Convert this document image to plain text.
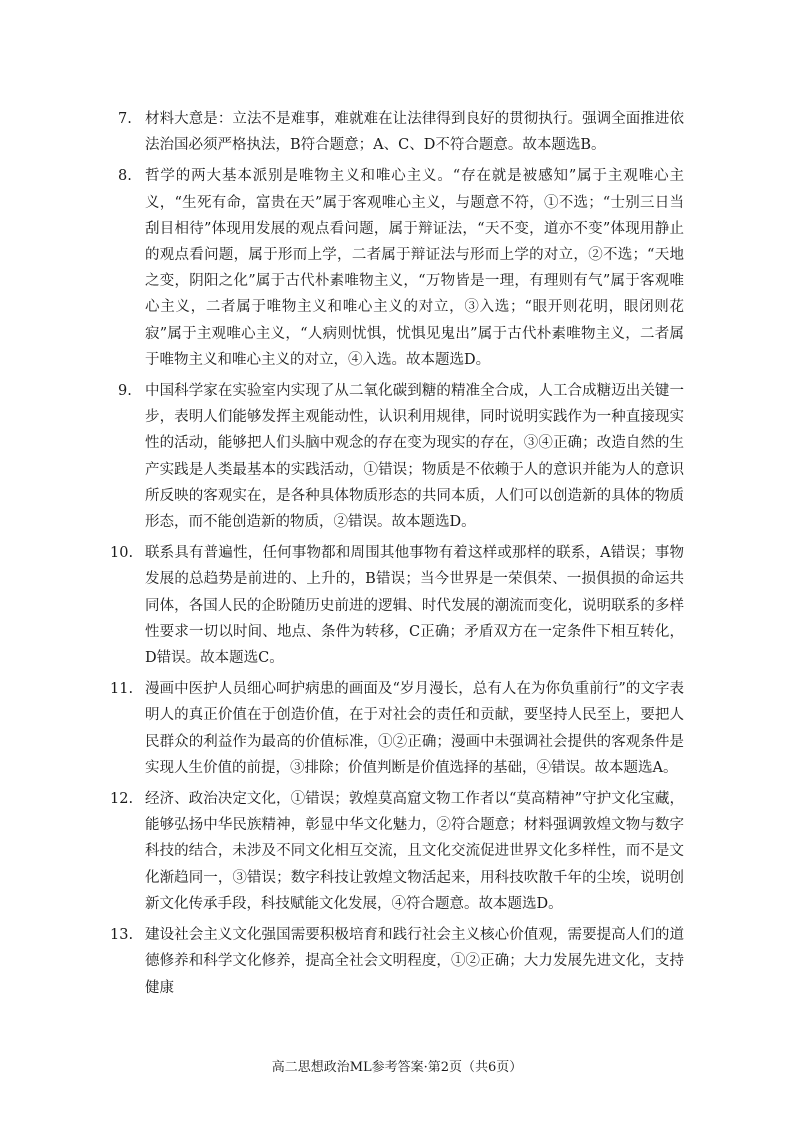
7. 材料大意是：立法不是难事，难就难在让法律得到良好的贯彻执行。强调全面推进依法治国必须严格执法，B符合题意；A、C、D不符合题意。故本题选B。
8. 哲学的两大基本派别是唯物主义和唯心主义。“存在就是被感知”属于主观唯心主义，“生死有命，富贵在天”属于客观唯心主义，与题意不符，①不选；“士别三日当刮目相待”体现用发展的观点看问题，属于辩证法，“天不变，道亦不变”体现用静止的观点看问题，属于形而上学，二者属于辩证法与形而上学的对立，②不选；“天地之变，阴阳之化”属于古代朴素唯物主义，“万物皆是一理，有理则有气”属于客观唯心主义，二者属于唯物主义和唯心主义的对立，③入选；“眼开则花明，眼闭则花寂”属于主观唯心主义，“人病则忧惧，忧惧见鬼出”属于古代朴素唯物主义，二者属于唯物主义和唯心主义的对立，④入选。故本题选D。
9. 中国科学家在实验室内实现了从二氧化碳到糖的精准全合成，人工合成糖迈出关键一步，表明人们能够发挥主观能动性，认识利用规律，同时说明实践作为一种直接现实性的活动，能够把人们头脑中观念的存在变为现实的存在，③④正确；改造自然的生产实践是人类最基本的实践活动，①错误；物质是不依赖于人的意识并能为人的意识所反映的客观实在，是各种具体物质形态的共同本质，人们可以创造新的具体的物质形态，而不能创造新的物质，②错误。故本题选D。
10. 联系具有普遍性，任何事物都和周围其他事物有着这样或那样的联系，A错误；事物发展的总趋势是前进的、上升的，B错误；当今世界是一荣俱荣、一损俱损的命运共同体，各国人民的企盼随历史前进的逻辑、时代发展的潮流而变化，说明联系的多样性要求一切以时间、地点、条件为转移，C正确；矛盾双方在一定条件下相互转化，D错误。故本题选C。
11. 漫画中医护人员细心呵护病患的画面及“岁月漫长，总有人在为你负重前行”的文字表明人的真正价值在于创造价值，在于对社会的责任和贡献，要坚持人民至上，要把人民群众的利益作为最高的价值标准，①②正确；漫画中未强调社会提供的客观条件是实现人生价值的前提，③排除；价值判断是价值选择的基础，④错误。故本题选A。
12. 经济、政治决定文化，①错误；敦煌莫高窟文物工作者以“莫高精神”守护文化宝藏，能够弘扬中华民族精神，彰显中华文化魅力，②符合题意；材料强调敦煌文物与数字科技的结合，未涉及不同文化相互交流，且文化交流促进世界文化多样性，而不是文化渐趋同一，③错误；数字科技让敦煌文物活起来，用科技吹散千年的尘埃，说明创新文化传承手段，科技赋能文化发展，④符合题意。故本题选D。
13. 建设社会主义文化强国需要积极培育和践行社会主义核心价值观，需要提高人们的道德修养和科学文化修养，提高全社会文明程度，①②正确；大力发展先进文化，支持健康
高二思想政治ML参考答案·第2页（共6页）
